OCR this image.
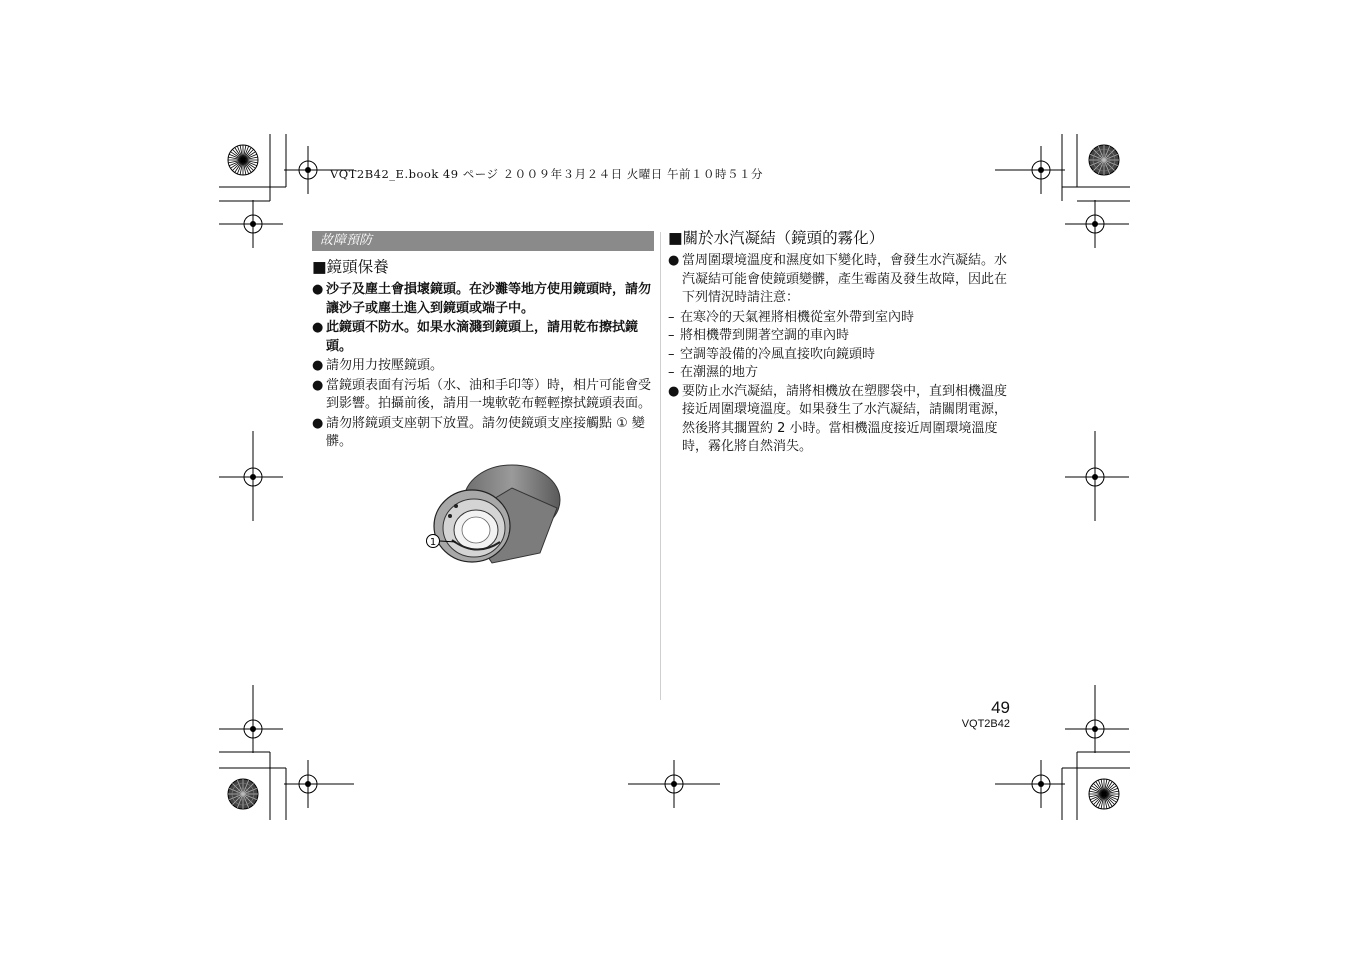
VQT2B42_E.book 49 ページ ２００９年３月２４日 火曜日 午前１０時５１分
故障預防
■鏡頭保養
● 沙子及塵土會損壞鏡頭。在沙灘等地方使用鏡頭時，請勿讓沙子或塵土進入到鏡頭或端子中。
● 此鏡頭不防水。如果水滴濺到鏡頭上，請用乾布擦拭鏡頭。
● 請勿用力按壓鏡頭。
● 當鏡頭表面有污垢（水、油和手印等）時，相片可能會受到影響。拍攝前後，請用一塊軟乾布輕輕擦拭鏡頭表面。
● 請勿將鏡頭支座朝下放置。請勿使鏡頭支座接觸點 ① 變髒。
1
■關於水汽凝結（鏡頭的霧化）
● 當周圍環境溫度和濕度如下變化時，會發生水汽凝結。水汽凝結可能會使鏡頭變髒，產生霉菌及發生故障，因此在下列情況時請注意：
– 在寒冷的天氣裡將相機從室外帶到室內時
– 將相機帶到開著空調的車內時
– 空調等設備的冷風直接吹向鏡頭時
– 在潮濕的地方
● 要防止水汽凝結，請將相機放在塑膠袋中，直到相機溫度接近周圍環境溫度。如果發生了水汽凝結，請關閉電源，然後將其擱置約 2 小時。當相機溫度接近周圍環境溫度時，霧化將自然消失。
49
VQT2B42
